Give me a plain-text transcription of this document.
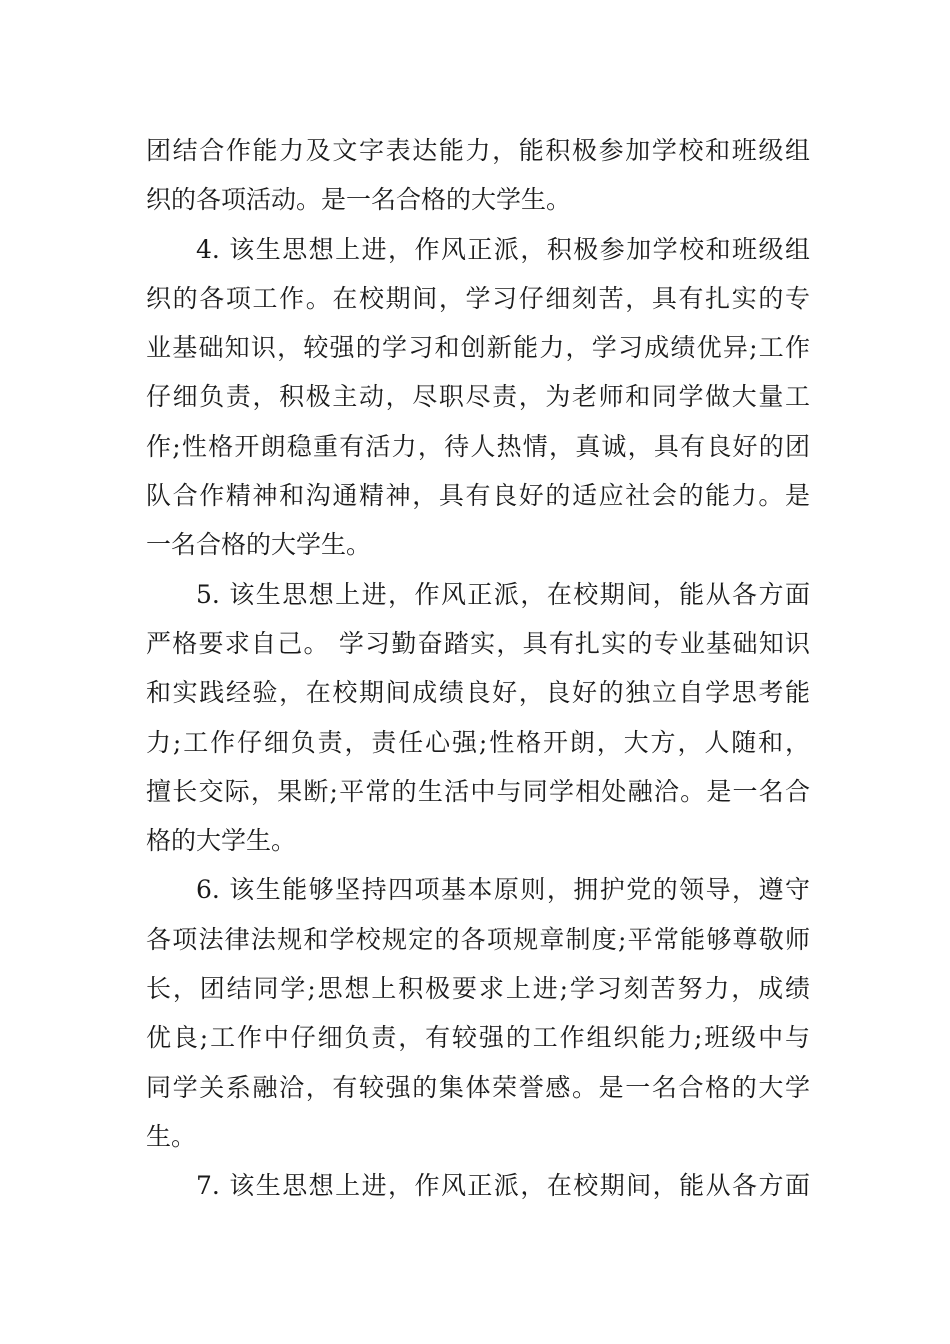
团结合作能力及文字表达能力，能积极参加学校和班级组
织的各项活动。是一名合格的大学生。
4. 该生思想上进，作风正派，积极参加学校和班级组
织的各项工作。在校期间，学习仔细刻苦，具有扎实的专
业基础知识，较强的学习和创新能力，学习成绩优异;工作
仔细负责，积极主动，尽职尽责，为老师和同学做大量工
作;性格开朗稳重有活力，待人热情，真诚，具有良好的团
队合作精神和沟通精神，具有良好的适应社会的能力。是
一名合格的大学生。
5. 该生思想上进，作风正派，在校期间，能从各方面
严格要求自己。 学习勤奋踏实，具有扎实的专业基础知识
和实践经验，在校期间成绩良好，良好的独立自学思考能
力;工作仔细负责，责任心强;性格开朗，大方，人随和，
擅长交际，果断;平常的生活中与同学相处融洽。是一名合
格的大学生。
6. 该生能够坚持四项基本原则，拥护党的领导，遵守
各项法律法规和学校规定的各项规章制度;平常能够尊敬师
长，团结同学;思想上积极要求上进;学习刻苦努力，成绩
优良;工作中仔细负责，有较强的工作组织能力;班级中与
同学关系融洽，有较强的集体荣誉感。是一名合格的大学
生。
7. 该生思想上进，作风正派，在校期间，能从各方面
